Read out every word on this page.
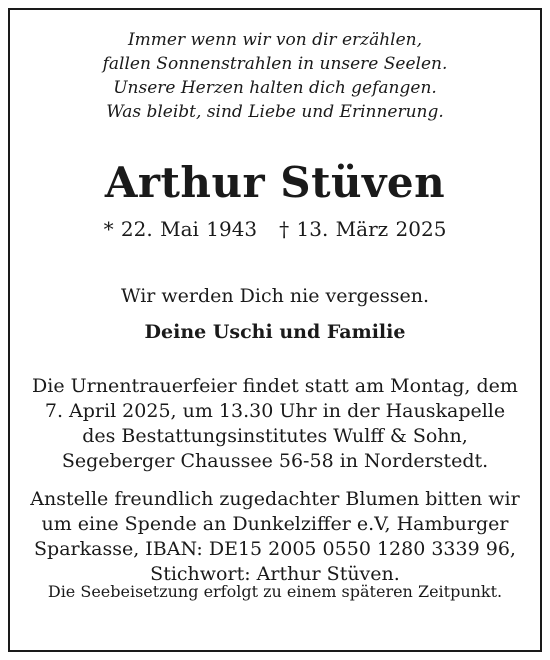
Immer wenn wir von dir erzählen,
fallen Sonnenstrahlen in unsere Seelen.
Unsere Herzen halten dich gefangen.
Was bleibt, sind Liebe und Erinnerung.
Arthur Stüven
* 22. Mai 1943 † 13. März 2025
Wir werden Dich nie vergessen.
Deine Uschi und Familie
Die Urnentrauerfeier findet statt am Montag, dem
7. April 2025, um 13.30 Uhr in der Hauskapelle
des Bestattungsinstitutes Wulff & Sohn,
Segeberger Chaussee 56-58 in Norderstedt.
Anstelle freundlich zugedachter Blumen bitten wir
um eine Spende an Dunkelziffer e.V, Hamburger
Sparkasse, IBAN: DE15 2005 0550 1280 3339 96,
Stichwort: Arthur Stüven.
Die Seebeisetzung erfolgt zu einem späteren Zeitpunkt.
